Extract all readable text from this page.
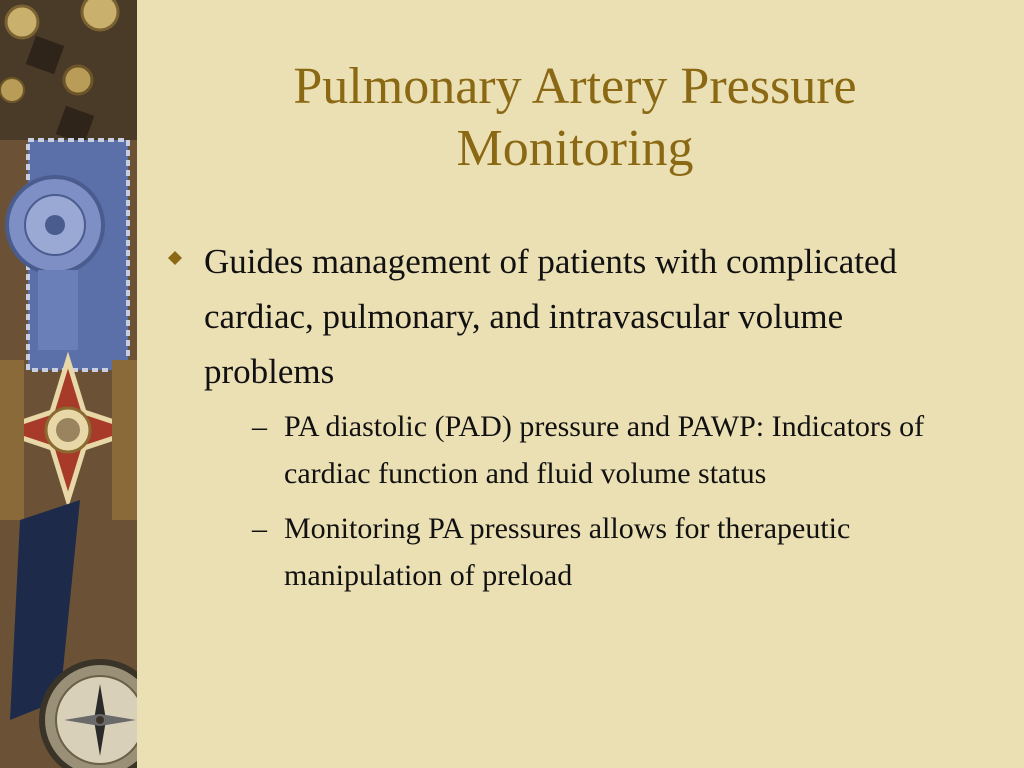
Pulmonary Artery Pressure
Monitoring
Guides management of patients with complicated cardiac, pulmonary, and intravascular volume problems
– PA diastolic (PAD) pressure and PAWP: Indicators of cardiac function and fluid volume status
– Monitoring PA pressures allows for therapeutic manipulation of preload
